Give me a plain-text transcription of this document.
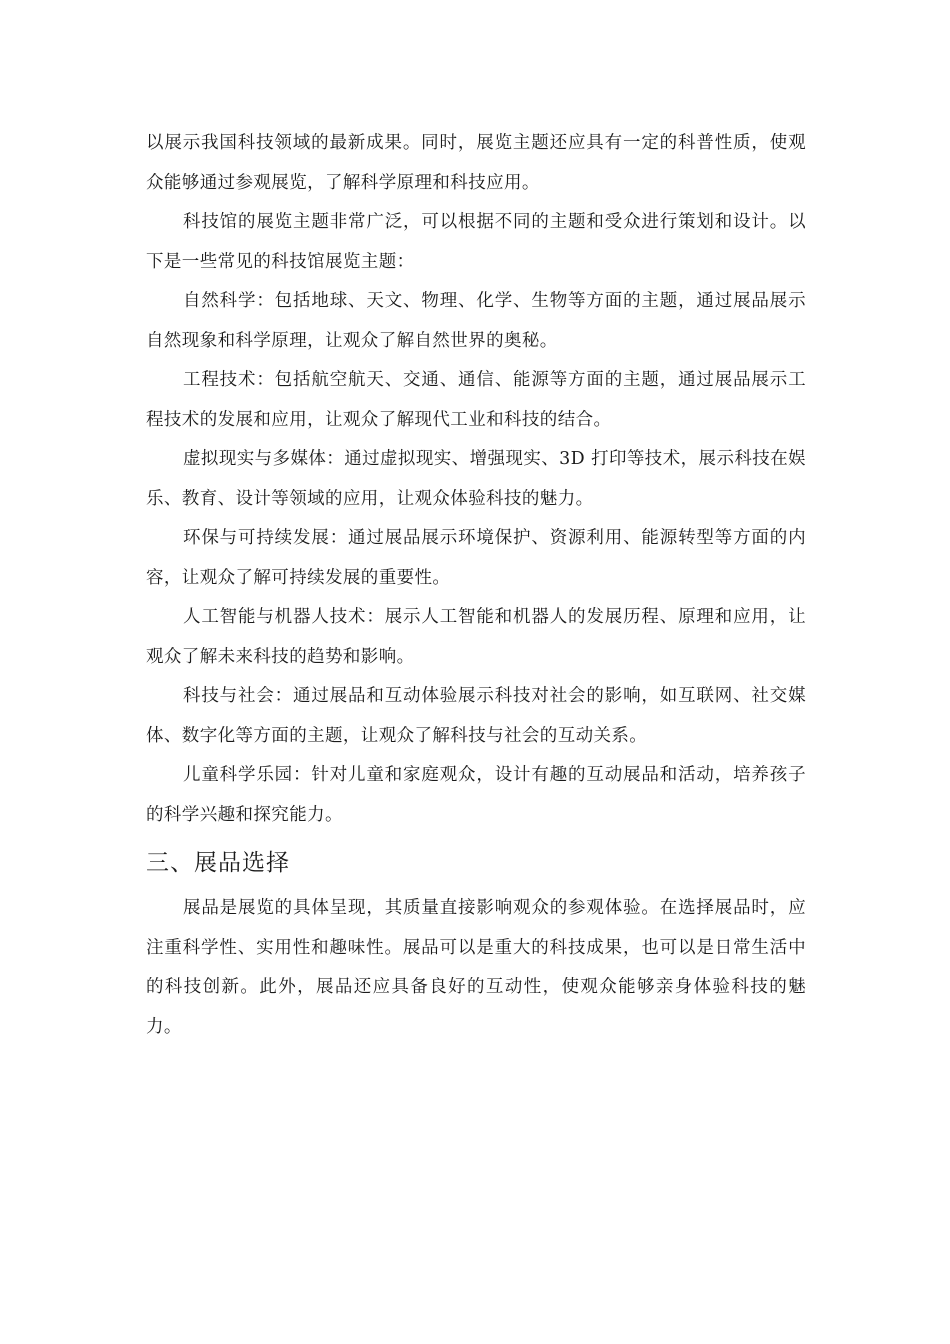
以展示我国科技领域的最新成果。同时，展览主题还应具有一定的科普性质，使观众能够通过参观展览，了解科学原理和科技应用。

科技馆的展览主题非常广泛，可以根据不同的主题和受众进行策划和设计。以下是一些常见的科技馆展览主题：

自然科学：包括地球、天文、物理、化学、生物等方面的主题，通过展品展示自然现象和科学原理，让观众了解自然世界的奥秘。

工程技术：包括航空航天、交通、通信、能源等方面的主题，通过展品展示工程技术的发展和应用，让观众了解现代工业和科技的结合。

虚拟现实与多媒体：通过虚拟现实、增强现实、3D 打印等技术，展示科技在娱乐、教育、设计等领域的应用，让观众体验科技的魅力。

环保与可持续发展：通过展品展示环境保护、资源利用、能源转型等方面的内容，让观众了解可持续发展的重要性。

人工智能与机器人技术：展示人工智能和机器人的发展历程、原理和应用，让观众了解未来科技的趋势和影响。

科技与社会：通过展品和互动体验展示科技对社会的影响，如互联网、社交媒体、数字化等方面的主题，让观众了解科技与社会的互动关系。

儿童科学乐园：针对儿童和家庭观众，设计有趣的互动展品和活动，培养孩子的科学兴趣和探究能力。

三、展品选择

展品是展览的具体呈现，其质量直接影响观众的参观体验。在选择展品时，应注重科学性、实用性和趣味性。展品可以是重大的科技成果，也可以是日常生活中的科技创新。此外，展品还应具备良好的互动性，使观众能够亲身体验科技的魅力。
